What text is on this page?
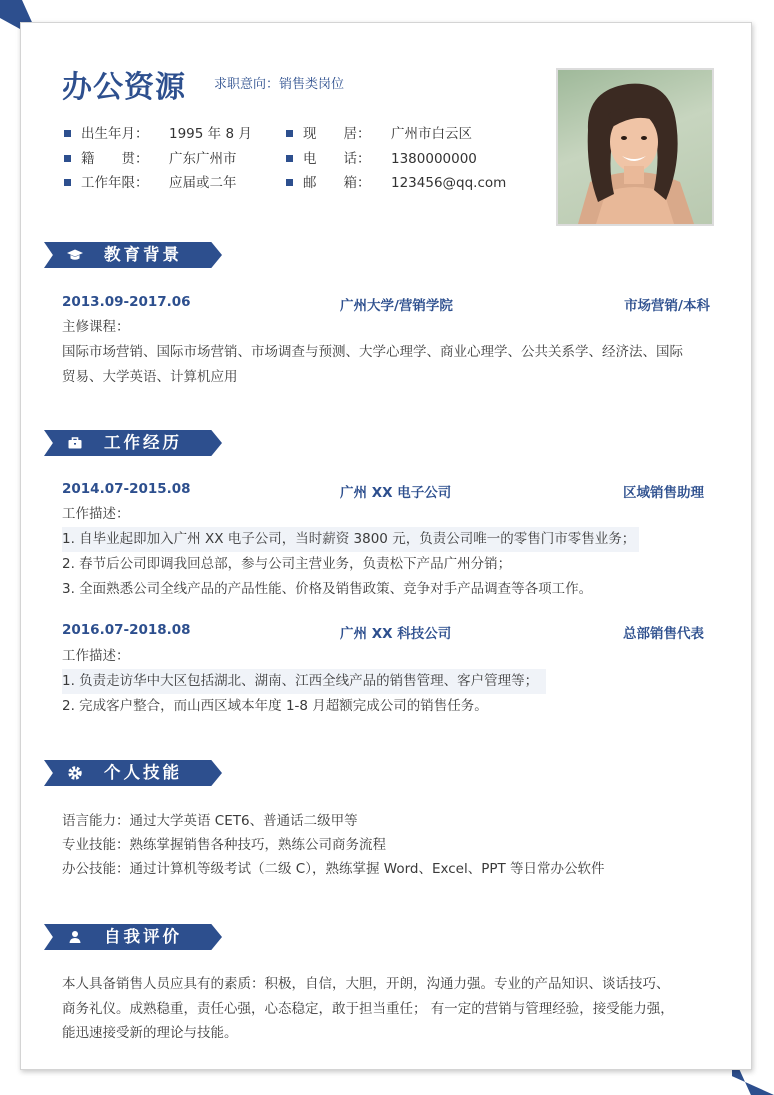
办公资源 求职意向：销售类岗位
出生年月： 1995 年 8 月
籍　　贯： 广东广州市
工作年限： 应届或二年
现　　居： 广州市白云区
电　　话： 1380000000
邮　　箱： 123456@qq.com
教育背景
2013.09-2017.06	广州大学/营销学院	市场营销/本科
主修课程：
国际市场营销、国际市场营销、市场调查与预测、大学心理学、商业心理学、公共关系学、经济法、国际
贸易、大学英语、计算机应用
工作经历
2014.07-2015.08	广州 XX 电子公司	区域销售助理
工作描述：
1. 自毕业起即加入广州 XX 电子公司，当时薪资 3800 元，负责公司唯一的零售门市零售业务；
2. 春节后公司即调我回总部，参与公司主营业务，负责松下产品广州分销；
3. 全面熟悉公司全线产品的产品性能、价格及销售政策、竞争对手产品调查等各项工作。
2016.07-2018.08	广州 XX 科技公司	总部销售代表
工作描述：
1. 负责走访华中大区包括湖北、湖南、江西全线产品的销售管理、客户管理等；
2. 完成客户整合，而山西区域本年度 1-8 月超额完成公司的销售任务。
个人技能
语言能力：通过大学英语 CET6、普通话二级甲等
专业技能：熟练掌握销售各种技巧，熟练公司商务流程
办公技能：通过计算机等级考试（二级 C），熟练掌握 Word、Excel、PPT 等日常办公软件
自我评价
本人具备销售人员应具有的素质：积极，自信，大胆，开朗，沟通力强。专业的产品知识、谈话技巧、
商务礼仪。成熟稳重，责任心强，心态稳定，敢于担当重任； 有一定的营销与管理经验，接受能力强，
能迅速接受新的理论与技能。
